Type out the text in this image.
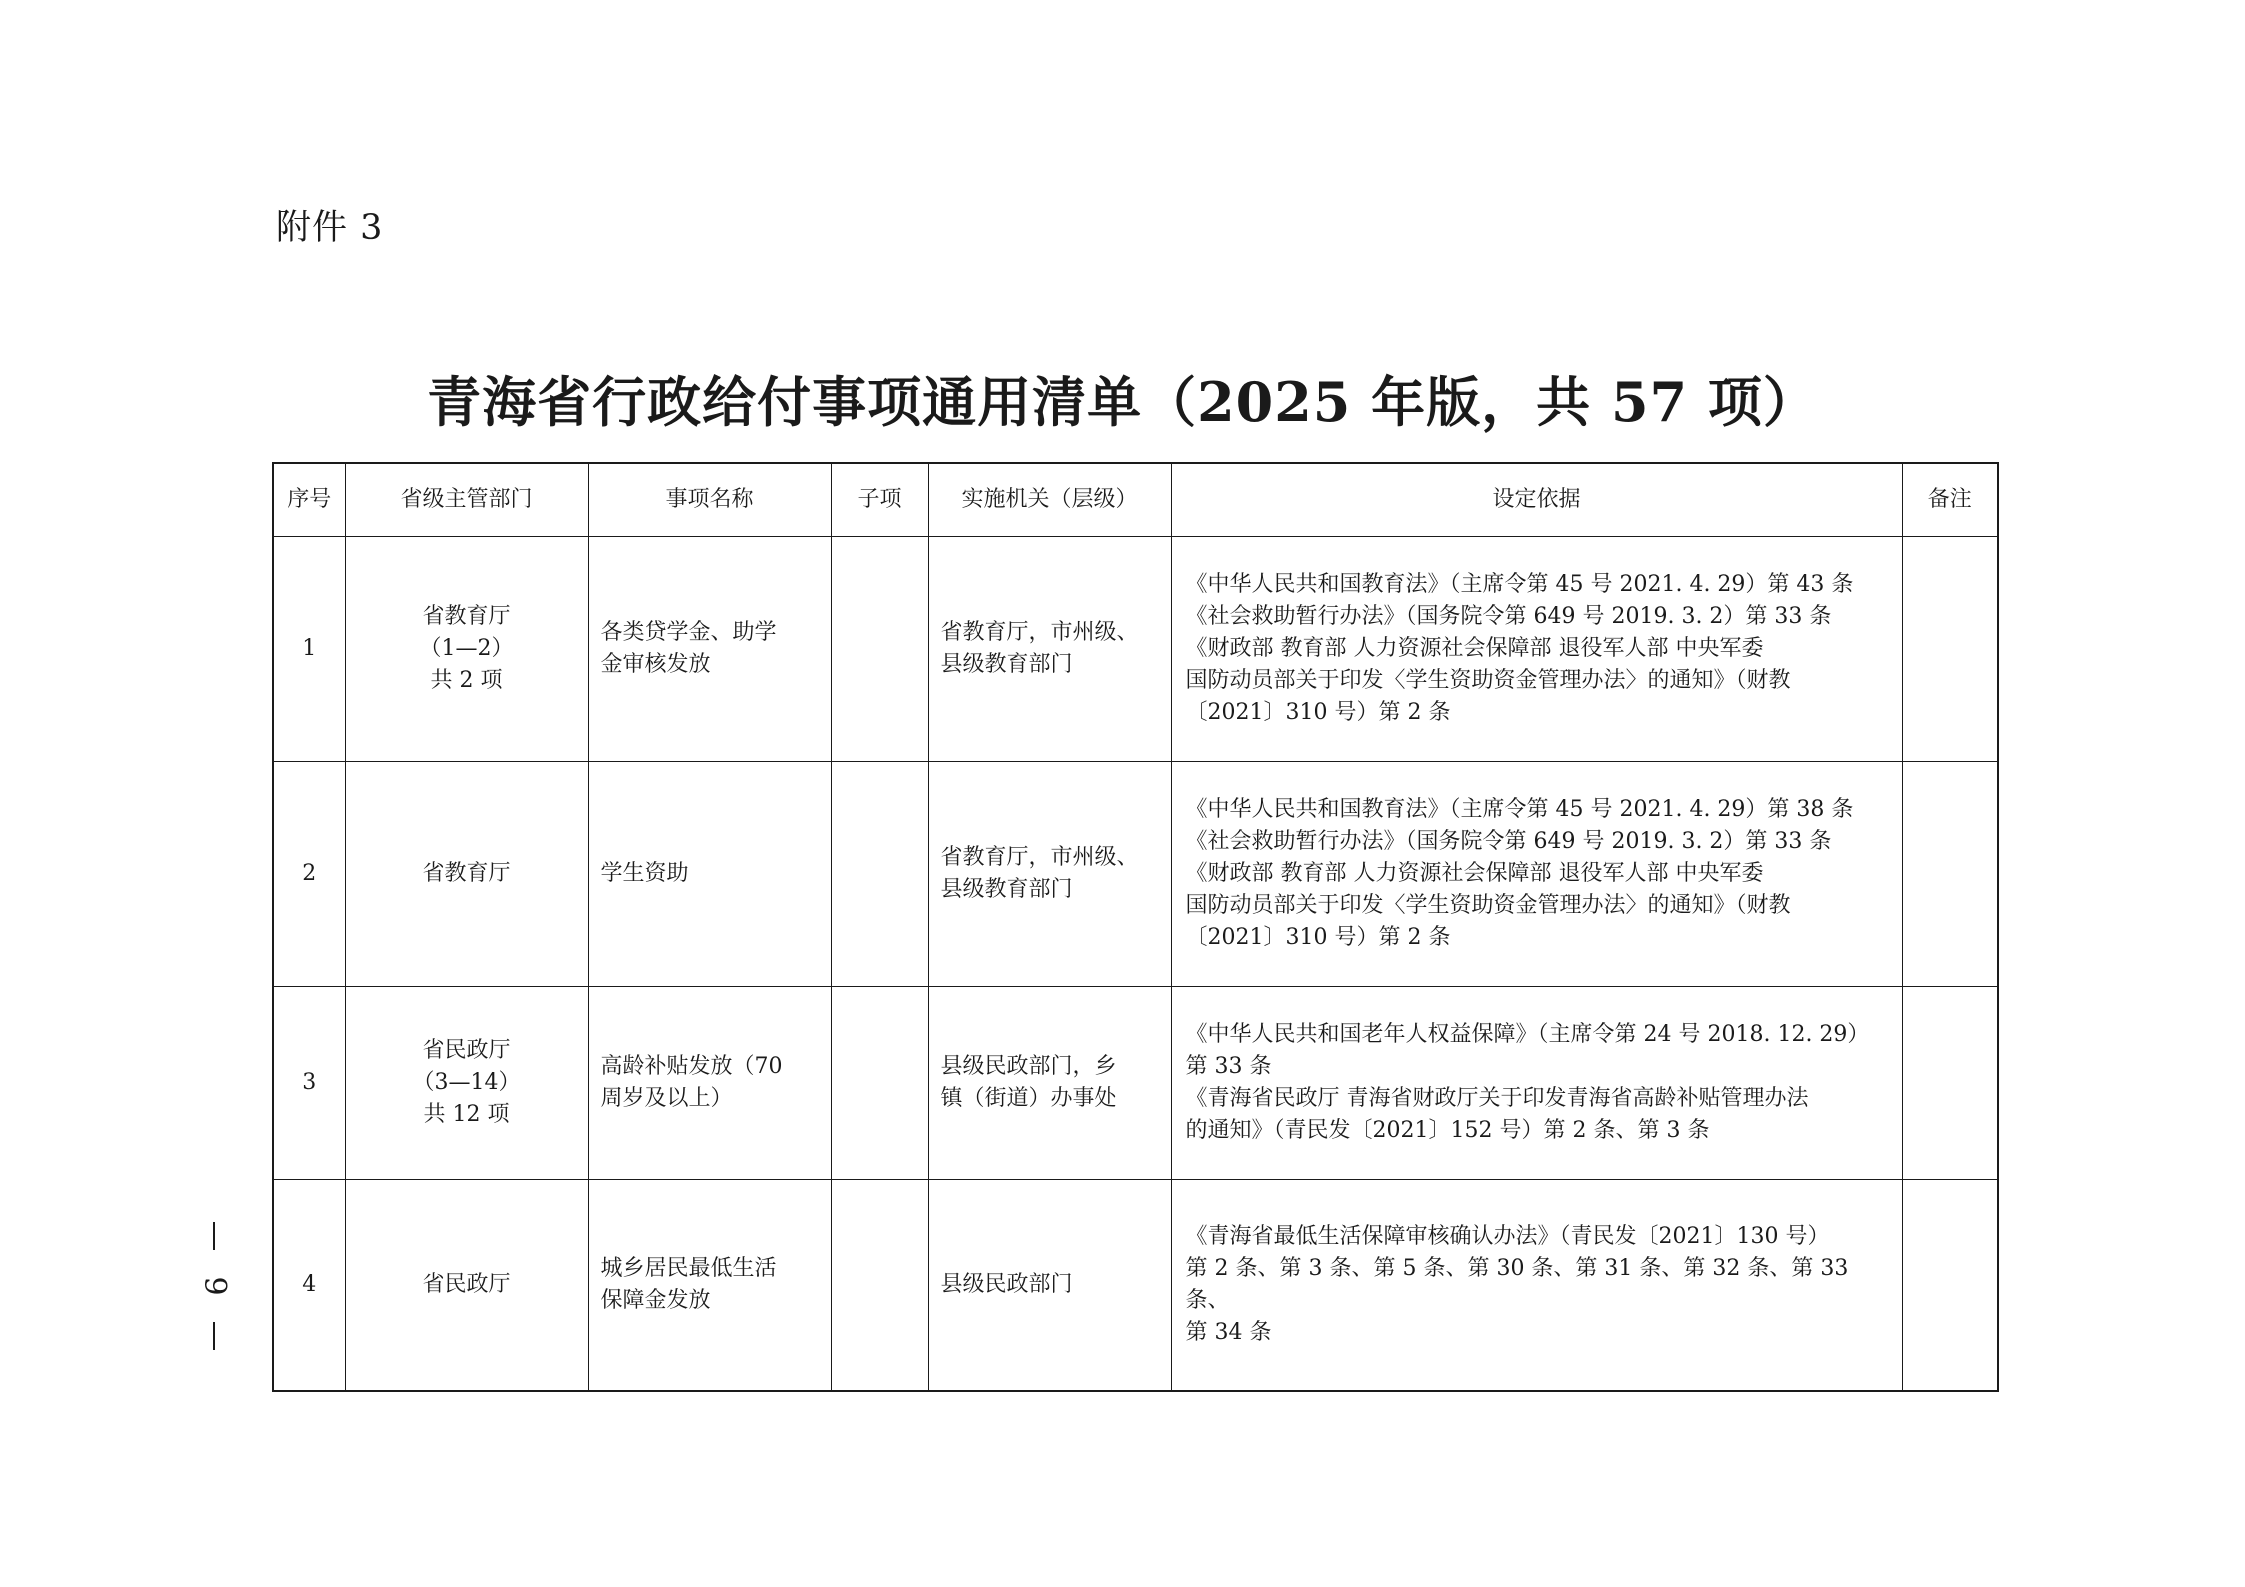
附件 3
青海省行政给付事项通用清单（2025 年版，共 57 项）
序号	省级主管部门	事项名称	子项	实施机关（层级）	设定依据	备注
1	省教育厅
（1—2）
共 2 项	各类贷学金、助学
金审核发放		省教育厅，市州级、
县级教育部门	《中华人民共和国教育法》（主席令第 45 号 2021. 4. 29）第 43 条
《社会救助暂行办法》（国务院令第 649 号 2019. 3. 2）第 33 条
《财政部 教育部 人力资源社会保障部 退役军人部 中央军委
国防动员部关于印发〈学生资助资金管理办法〉的通知》（财教
〔2021〕310 号）第 2 条	

2	省教育厅	学生资助		省教育厅，市州级、
县级教育部门	《中华人民共和国教育法》（主席令第 45 号 2021. 4. 29）第 38 条
《社会救助暂行办法》（国务院令第 649 号 2019. 3. 2）第 33 条
《财政部 教育部 人力资源社会保障部 退役军人部 中央军委
国防动员部关于印发〈学生资助资金管理办法〉的通知》（财教
〔2021〕310 号）第 2 条	

3	省民政厅
（3—14）
共 12 项	高龄补贴发放（70
周岁及以上）		县级民政部门，乡
镇（街道）办事处	《中华人民共和国老年人权益保障》（主席令第 24 号 2018. 12. 29）
第 33 条
《青海省民政厅 青海省财政厅关于印发青海省高龄补贴管理办法
的通知》（青民发〔2021〕152 号）第 2 条、第 3 条	

4	省民政厅	城乡居民最低生活
保障金发放		县级民政部门	《青海省最低生活保障审核确认办法》（青民发〔2021〕130 号）
第 2 条、第 3 条、第 5 条、第 30 条、第 31 条、第 32 条、第 33 条、
第 34 条	

9
